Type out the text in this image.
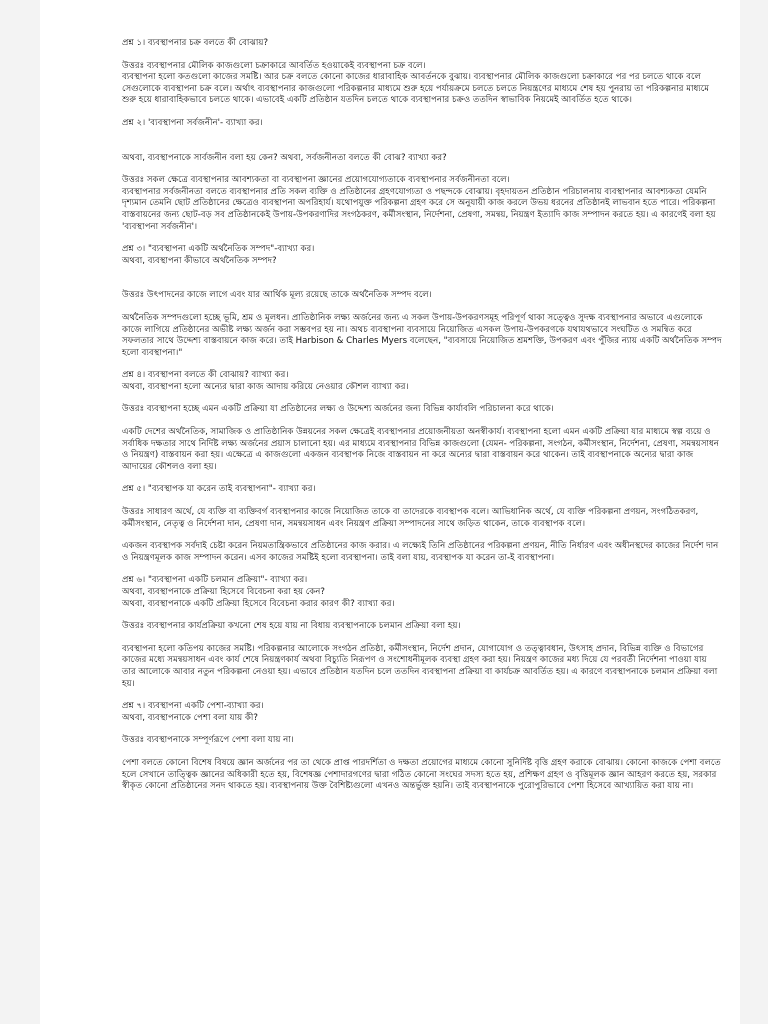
প্রশ্ন ১। ব্যবস্থাপনার চক্র বলতে কী বোঝায়?

উত্তরঃ ব্যবস্থাপনার মৌলিক কাজগুলো চক্রাকারে আবর্তিত হওয়াকেই ব্যবস্থাপনা চক্র বলে।

ব্যবস্থাপনা হলো কতগুলো কাজের সমষ্টি। আর চক্র বলতে কোনো কাজের ধারাবাহিক আবর্তনকে বুঝায়। ব্যবস্থাপনার মৌলিক কাজগুলো চক্রাকারে পর পর চলতে থাকে বলে সেগুলোকে ব্যবস্থাপনা চক্র বলে। অর্থাৎ ব্যবস্থাপনার কাজগুলো পরিকল্পনার মাধ্যমে শুরু হয়ে পর্যায়ক্রমে চলতে চলতে নিয়ন্ত্রণের মাধ্যমে শেষ হয় পুনরায় তা পরিকল্পনার মাধ্যমে শুরু হয়ে ধারাবাহিকভাবে চলতে থাকে। এভাবেই একটি প্রতিষ্ঠান যতদিন চলতে থাকে ব্যবস্থাপনার চক্রও ততদিন স্বাভাবিক নিয়মেই আবর্তিত হতে থাকে।

প্রশ্ন ২। 'ব্যবস্থাপনা সর্বজনীন'- ব্যাখ্যা কর।

অথবা, ব্যবস্থাপনাকে সার্বজনীন বলা হয় কেন? অথবা, সর্বজনীনতা বলতে কী বোঝ? ব্যাখ্যা কর?

উত্তরঃ সকল ক্ষেত্রে ব্যবস্থাপনার আবশ্যকতা বা ব্যবস্থাপনা জ্ঞানের প্রয়োগযোগ্যতাকে ব্যবস্থাপনার সর্বজনীনতা বলে।

ব্যবস্থাপনার সর্বজনীনতা বলতে ব্যবস্থাপনার প্রতি সকল ব্যক্তি ও প্রতিষ্ঠানের গ্রহণযোগ্যতা ও পছন্দকে বোঝায়। বৃহদায়তন প্রতিষ্ঠান পরিচালনায় ব্যবস্থাপনার আবশ্যকতা যেমনি দৃশ্যমান তেমনি ছোট প্রতিষ্ঠানের ক্ষেত্রেও ব্যবস্থাপনা অপরিহার্য। যথোপযুক্ত পরিকল্পনা গ্রহণ করে সে অনুযায়ী কাজ করলে উভয় ধরনের প্রতিষ্ঠানই লাভবান হতে পারে। পরিকল্পনা বাস্তবায়নের জন্য ছোট-বড় সব প্রতিষ্ঠানকেই উপায়-উপকরণাদির সংগঠকরণ, কর্মীসংস্থান, নির্দেশনা, প্রেষণা, সমন্বয়, নিয়ন্ত্রণ ইত্যাদি কাজ সম্পাদন করতে হয়। এ কারণেই বলা হয় 'ব্যবস্থাপনা সর্বজনীন'।

প্রশ্ন ৩। "ব্যবস্থাপনা একটি অর্থনৈতিক সম্পদ"-ব্যাখ্যা কর।

অথবা, ব্যবস্থাপনা কীভাবে অর্থনৈতিক সম্পদ?

উত্তরঃ উৎপাদনের কাজে লাগে এবং যার আর্থিক মূল্য রয়েছে তাকে অর্থনৈতিক সম্পদ বলে।

অর্থনৈতিক সম্পদগুলো হচ্ছে ভূমি, শ্রম ও মূলধন। প্রাতিষ্ঠানিক লক্ষ্য অর্জনের জন্য এ সকল উপায়-উপকরণসমূহ পরিপূর্ণ থাকা সত্ত্বেও সুদক্ষ ব্যবস্থাপনার অভাবে এগুলোকে কাজে লাগিয়ে প্রতিষ্ঠানের অভীষ্ট লক্ষ্য অর্জন করা সম্ভবপর হয় না। অথচ ব্যবস্থাপনা ব্যবসায়ে নিয়োজিত এসকল উপায়-উপকরণকে যথাযথভাবে সংঘটিত ও সমন্বিত করে সফলতার সাথে উদ্দেশ্য বাস্তবায়নে কাজ করে। তাই Harbison & Charles Myers বলেছেন, "ব্যবসায়ে নিয়োজিত শ্রমশক্তি, উপকরণ এবং পুঁজির ন্যায় একটি অর্থনৈতিক সম্পদ হলো ব্যবস্থাপনা।"

প্রশ্ন ৪। ব্যবস্থাপনা বলতে কী বোঝায়? ব্যাখ্যা কর।

অথবা, ব্যবস্থাপনা হলো অন্যের দ্বারা কাজ আদায় করিয়ে নেওয়ার কৌশল ব্যাখ্যা কর।

উত্তরঃ ব্যবস্থাপনা হচ্ছে এমন একটি প্রক্রিয়া যা প্রতিষ্ঠানের লক্ষ্য ও উদ্দেশ্য অর্জনের জন্য বিভিন্ন কার্যাবলি পরিচালনা করে থাকে।

একটি দেশের অর্থনৈতিক, সামাজিক ও প্রাতিষ্ঠানিক উন্নয়নের সকল ক্ষেত্রেই ব্যবস্থাপনার প্রয়োজনীয়তা অনস্বীকার্য। ব্যবস্থাপনা হলো এমন একটি প্রক্রিয়া যার মাধ্যমে স্বল্প ব্যয়ে ও সর্বাধিক দক্ষতার সাথে নির্দিষ্ট লক্ষ্য অর্জনের প্রয়াস চালানো হয়। এর মাধ্যমে ব্যবস্থাপনার বিভিন্ন কাজগুলো (যেমন- পরিকল্পনা, সংগঠন, কর্মীসংস্থান, নির্দেশনা, প্রেষণা, সমন্বয়সাধন ও নিয়ন্ত্রণ) বাস্তবায়ন করা হয়। এক্ষেত্রে এ কাজগুলো একজন ব্যবস্থাপক নিজে বাস্তবায়ন না করে অন্যের দ্বারা বাস্তবায়ন করে থাকেন। তাই ব্যবস্থাপনাকে অন্যের দ্বারা কাজ আদায়ের কৌশলও বলা হয়।

প্রশ্ন ৫। "ব্যবস্থাপক যা করেন তাই ব্যবস্থাপনা"- ব্যাখ্যা কর।

উত্তরঃ সাধারণ অর্থে, যে ব্যক্তি বা ব্যক্তিবর্গ ব্যবস্থাপনার কাজে নিয়োজিত তাকে বা তাদেরকে ব্যবস্থাপক বলে। আভিধানিক অর্থে, যে ব্যক্তি পরিকল্পনা প্রণয়ন, সংগঠিতকরণ, কর্মীসংস্থান, নেতৃত্ব ও নির্দেশনা দান, প্রেষণা দান, সমন্বয়সাধন এবং নিয়ন্ত্রণ প্রক্রিয়া সম্পাদনের সাথে জড়িত থাকেন, তাকে ব্যবস্থাপক বলে।

একজন ব্যবস্থাপক সর্বদাই চেষ্টা করেন নিয়মতান্ত্রিকভাবে প্রতিষ্ঠানের কাজ করার। এ লক্ষ্যেই তিনি প্রতিষ্ঠানের পরিকল্পনা প্রণয়ন, নীতি নির্ধারণ এবং অধীনস্থদের কাজের নির্দেশ দান ও নিয়ন্ত্রণমূলক কাজ সম্পাদন করেন। এসব কাজের সমষ্টিই হলো ব্যবস্থাপনা। তাই বলা যায়, ব্যবস্থাপক যা করেন তা-ই ব্যবস্থাপনা।

প্রশ্ন ৬। "ব্যবস্থাপনা একটি চলমান প্রক্রিয়া"- ব্যাখ্যা কর।

অথবা, ব্যবস্থাপনাকে প্রক্রিয়া হিসেবে বিবেচনা করা হয় কেন?

অথবা, ব্যবস্থাপনাকে একটি প্রক্রিয়া হিসেবে বিবেচনা করার কারণ কী? ব্যাখ্যা কর।

উত্তরঃ ব্যবস্থাপনার কার্যপ্রক্রিয়া কখনো শেষ হয়ে যায় না বিধায় ব্যবস্থাপনাকে চলমান প্রক্রিয়া বলা হয়।

ব্যবস্থাপনা হলো কতিপয় কাজের সমষ্টি। পরিকল্পনার আলোকে সংগঠন প্রতিষ্ঠা, কর্মীসংস্থান, নির্দেশ প্রদান, যোগাযোগ ও তত্ত্বাবধান, উৎসাহ প্রদান, বিভিন্ন ব্যক্তি ও বিভাগের কাজের মধ্যে সমন্বয়সাধন এবং কার্য শেষে নিয়ন্ত্রণকার্য অথবা বিচ্যুতি নিরূপণ ও সংশোধনীমূলক ব্যবস্থা গ্রহণ করা হয়। নিয়ন্ত্রণ কাজের মধ্য দিয়ে যে পরবর্তী নির্দেশনা পাওয়া যায় তার আলোকে আবার নতুন পরিকল্পনা নেওয়া হয়। এভাবে প্রতিষ্ঠান যতদিন চলে ততদিন ব্যবস্থাপনা প্রক্রিয়া বা কার্যচক্র আবর্তিত হয়। এ কারণে ব্যবস্থাপনাকে চলমান প্রক্রিয়া বলা হয়।

প্রশ্ন ৭। ব্যবস্থাপনা একটি পেশা-ব্যাখ্যা কর।

অথবা, ব্যবস্থাপনাকে পেশা বলা যায় কী?

উত্তরঃ ব্যবস্থাপনাকে সম্পূর্ণরূপে পেশা বলা যায় না।

পেশা বলতে কোনো বিশেষ বিষয়ে জ্ঞান অর্জনের পর তা থেকে প্রাপ্ত পারদর্শিতা ও দক্ষতা প্রয়োগের মাধ্যমে কোনো সুনির্দিষ্ট বৃত্তি গ্রহণ করাকে বোঝায়। কোনো কাজকে পেশা বলতে হলে সেখানে তাত্ত্বিক জ্ঞানের অধিকারী হতে হয়, বিশেষজ্ঞ পেশাদারগণের দ্বারা গঠিত কোনো সংঘের সদস্য হতে হয়, প্রশিক্ষণ গ্রহণ ও বৃত্তিমূলক জ্ঞান আহরণ করতে হয়, সরকার স্বীকৃত কোনো প্রতিষ্ঠানের সনদ থাকতে হয়। ব্যবস্থাপনায় উক্ত বৈশিষ্ট্যগুলো এখনও অন্তর্ভুক্ত হয়নি। তাই ব্যবস্থাপনাকে পুরোপুরিভাবে পেশা হিসেবে আখ্যায়িত করা যায় না।
